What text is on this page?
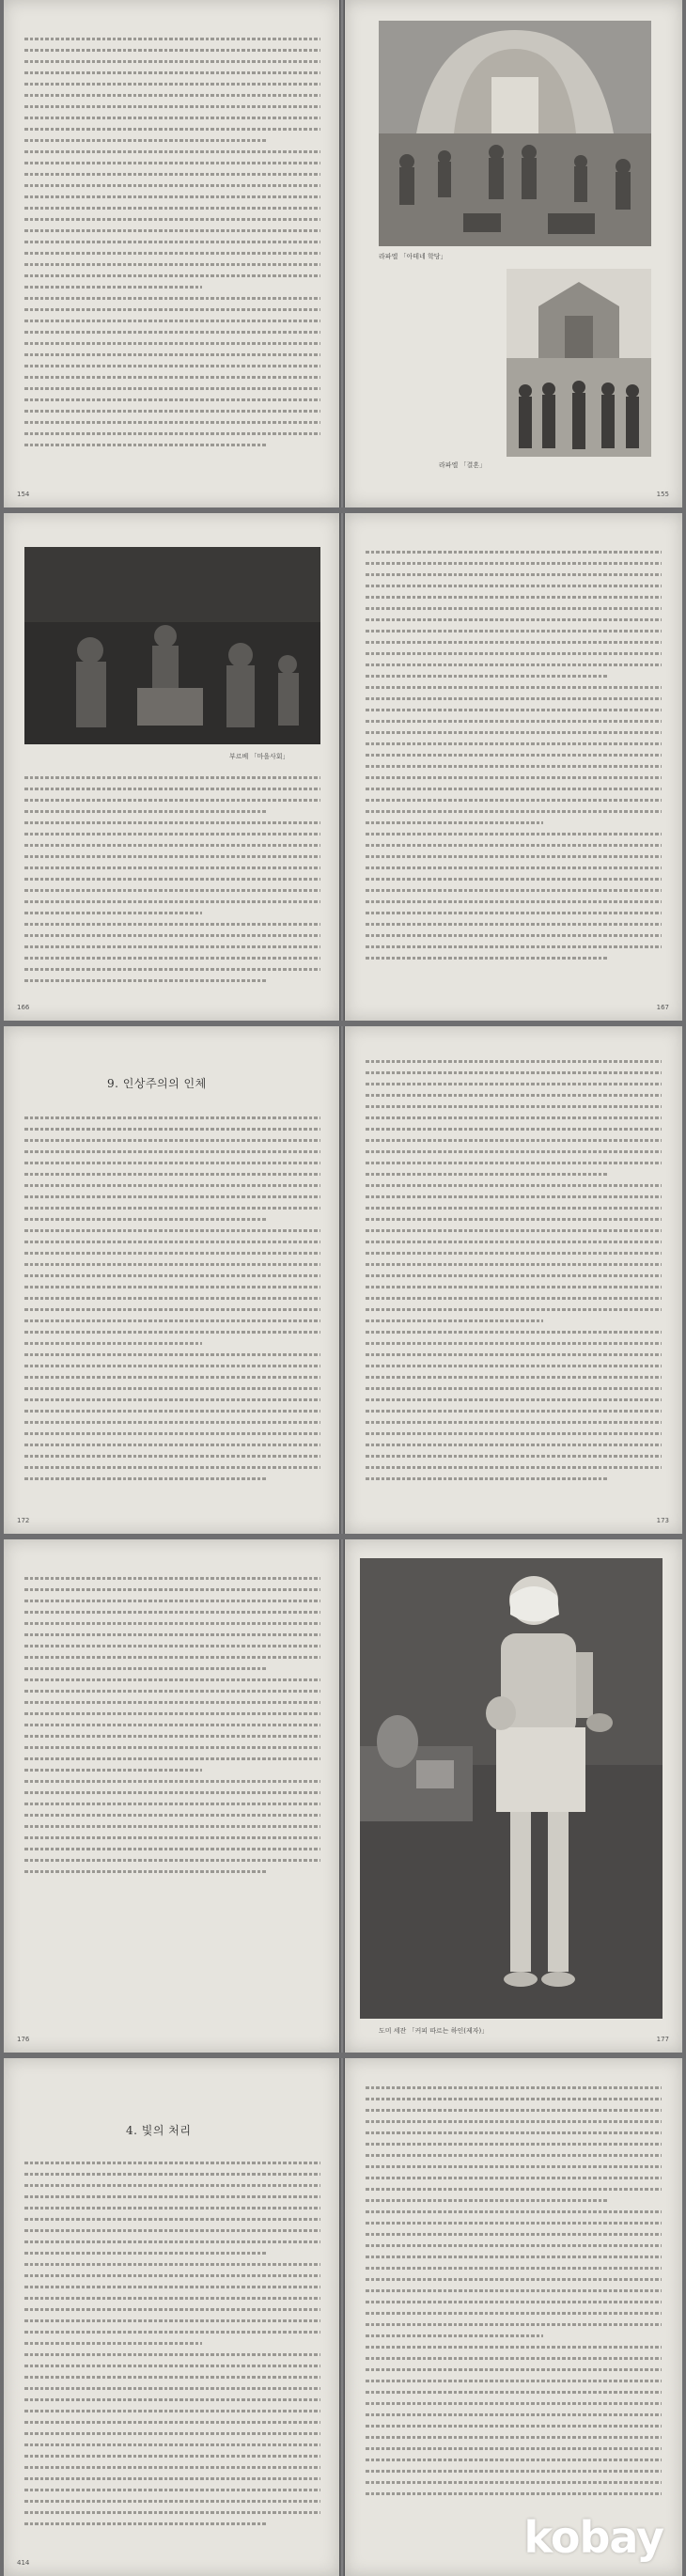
154
라파엘 「아테네 학당」
라파엘 「결혼」
155
부르베 「마을사회」
166	167
9. 인상주의의 인체
172	173
176
도미 세잔 「커피 따르는 하인(제자)」
177
4. 빛의 처리
414	kobay
